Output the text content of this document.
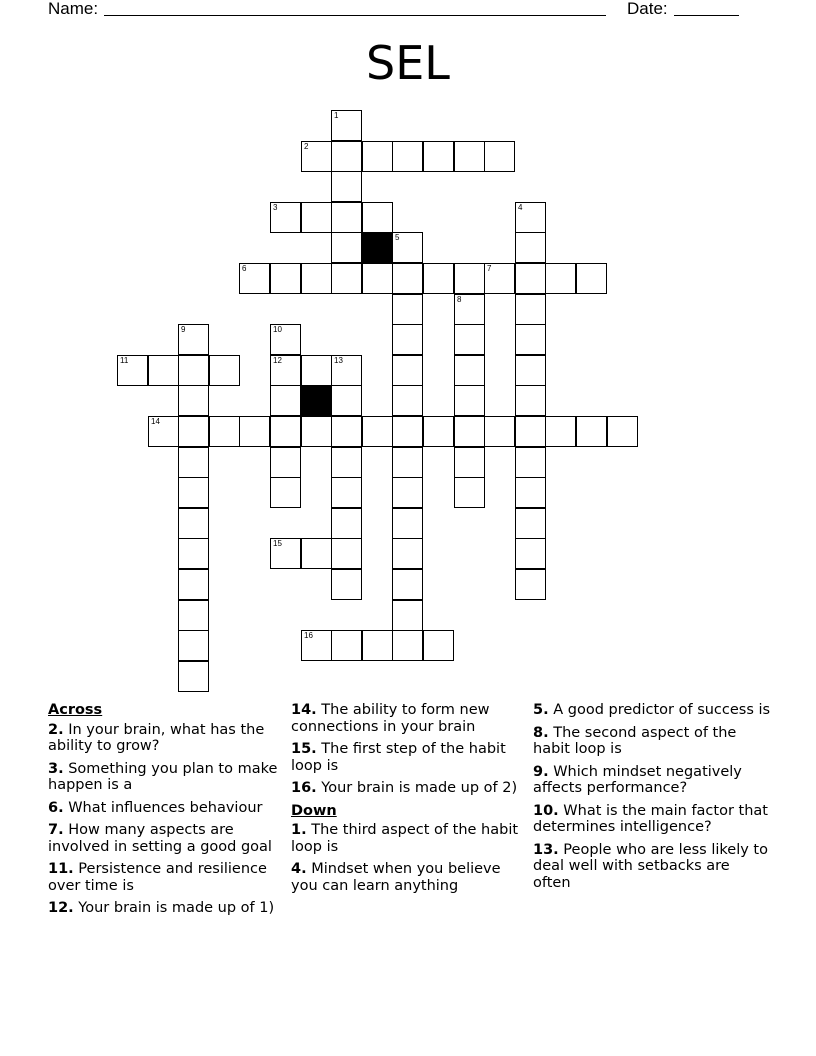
Name:	Date:
SEL
2
3
6	7
11	12	13
14
15
16
1
4
5
8
9	10
Across
2. In your brain, what has the ability to grow?
3. Something you plan to make happen is a
6. What influences behaviour
7. How many aspects are involved in setting a good goal
11. Persistence and resilience over time is
12. Your brain is made up of 1)
14. The ability to form new connections in your brain
15. The first step of the habit loop is
16. Your brain is made up of 2)
Down
1. The third aspect of the habit loop is
4. Mindset when you believe you can learn anything
5. A good predictor of success is
8. The second aspect of the habit loop is
9. Which mindset negatively affects performance?
10. What is the main factor that determines intelligence?
13. People who are less likely to deal well with setbacks are often
